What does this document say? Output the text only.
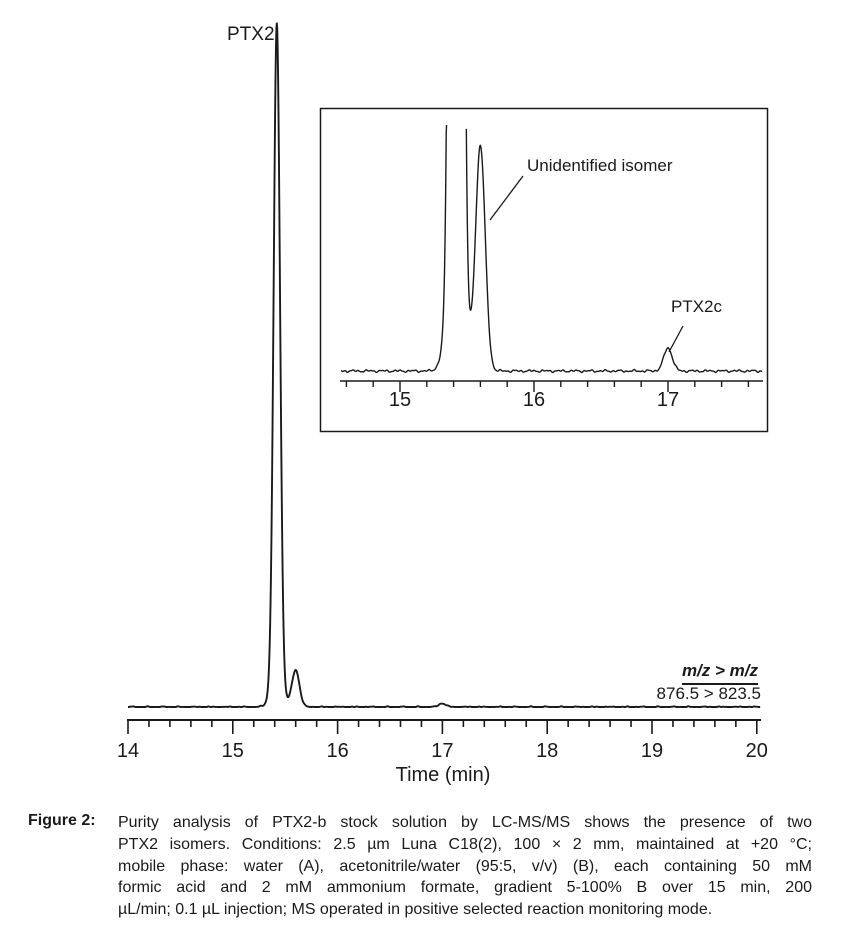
PTX2
Unidentified isomer
PTX2c
m/z > m/z
876.5 > 823.5
Time (min)
14	15	16	17	18	19	20
15	16	17
Figure 2: Purity analysis of PTX2-b stock solution by LC-MS/MS shows the presence of two
PTX2 isomers. Conditions: 2.5 µm Luna C18(2), 100 × 2 mm, maintained at +20 °C;
mobile phase: water (A), acetonitrile/water (95:5, v/v) (B), each containing 50 mM
formic acid and 2 mM ammonium formate, gradient 5-100% B over 15 min, 200
µL/min; 0.1 µL injection; MS operated in positive selected reaction monitoring mode.
